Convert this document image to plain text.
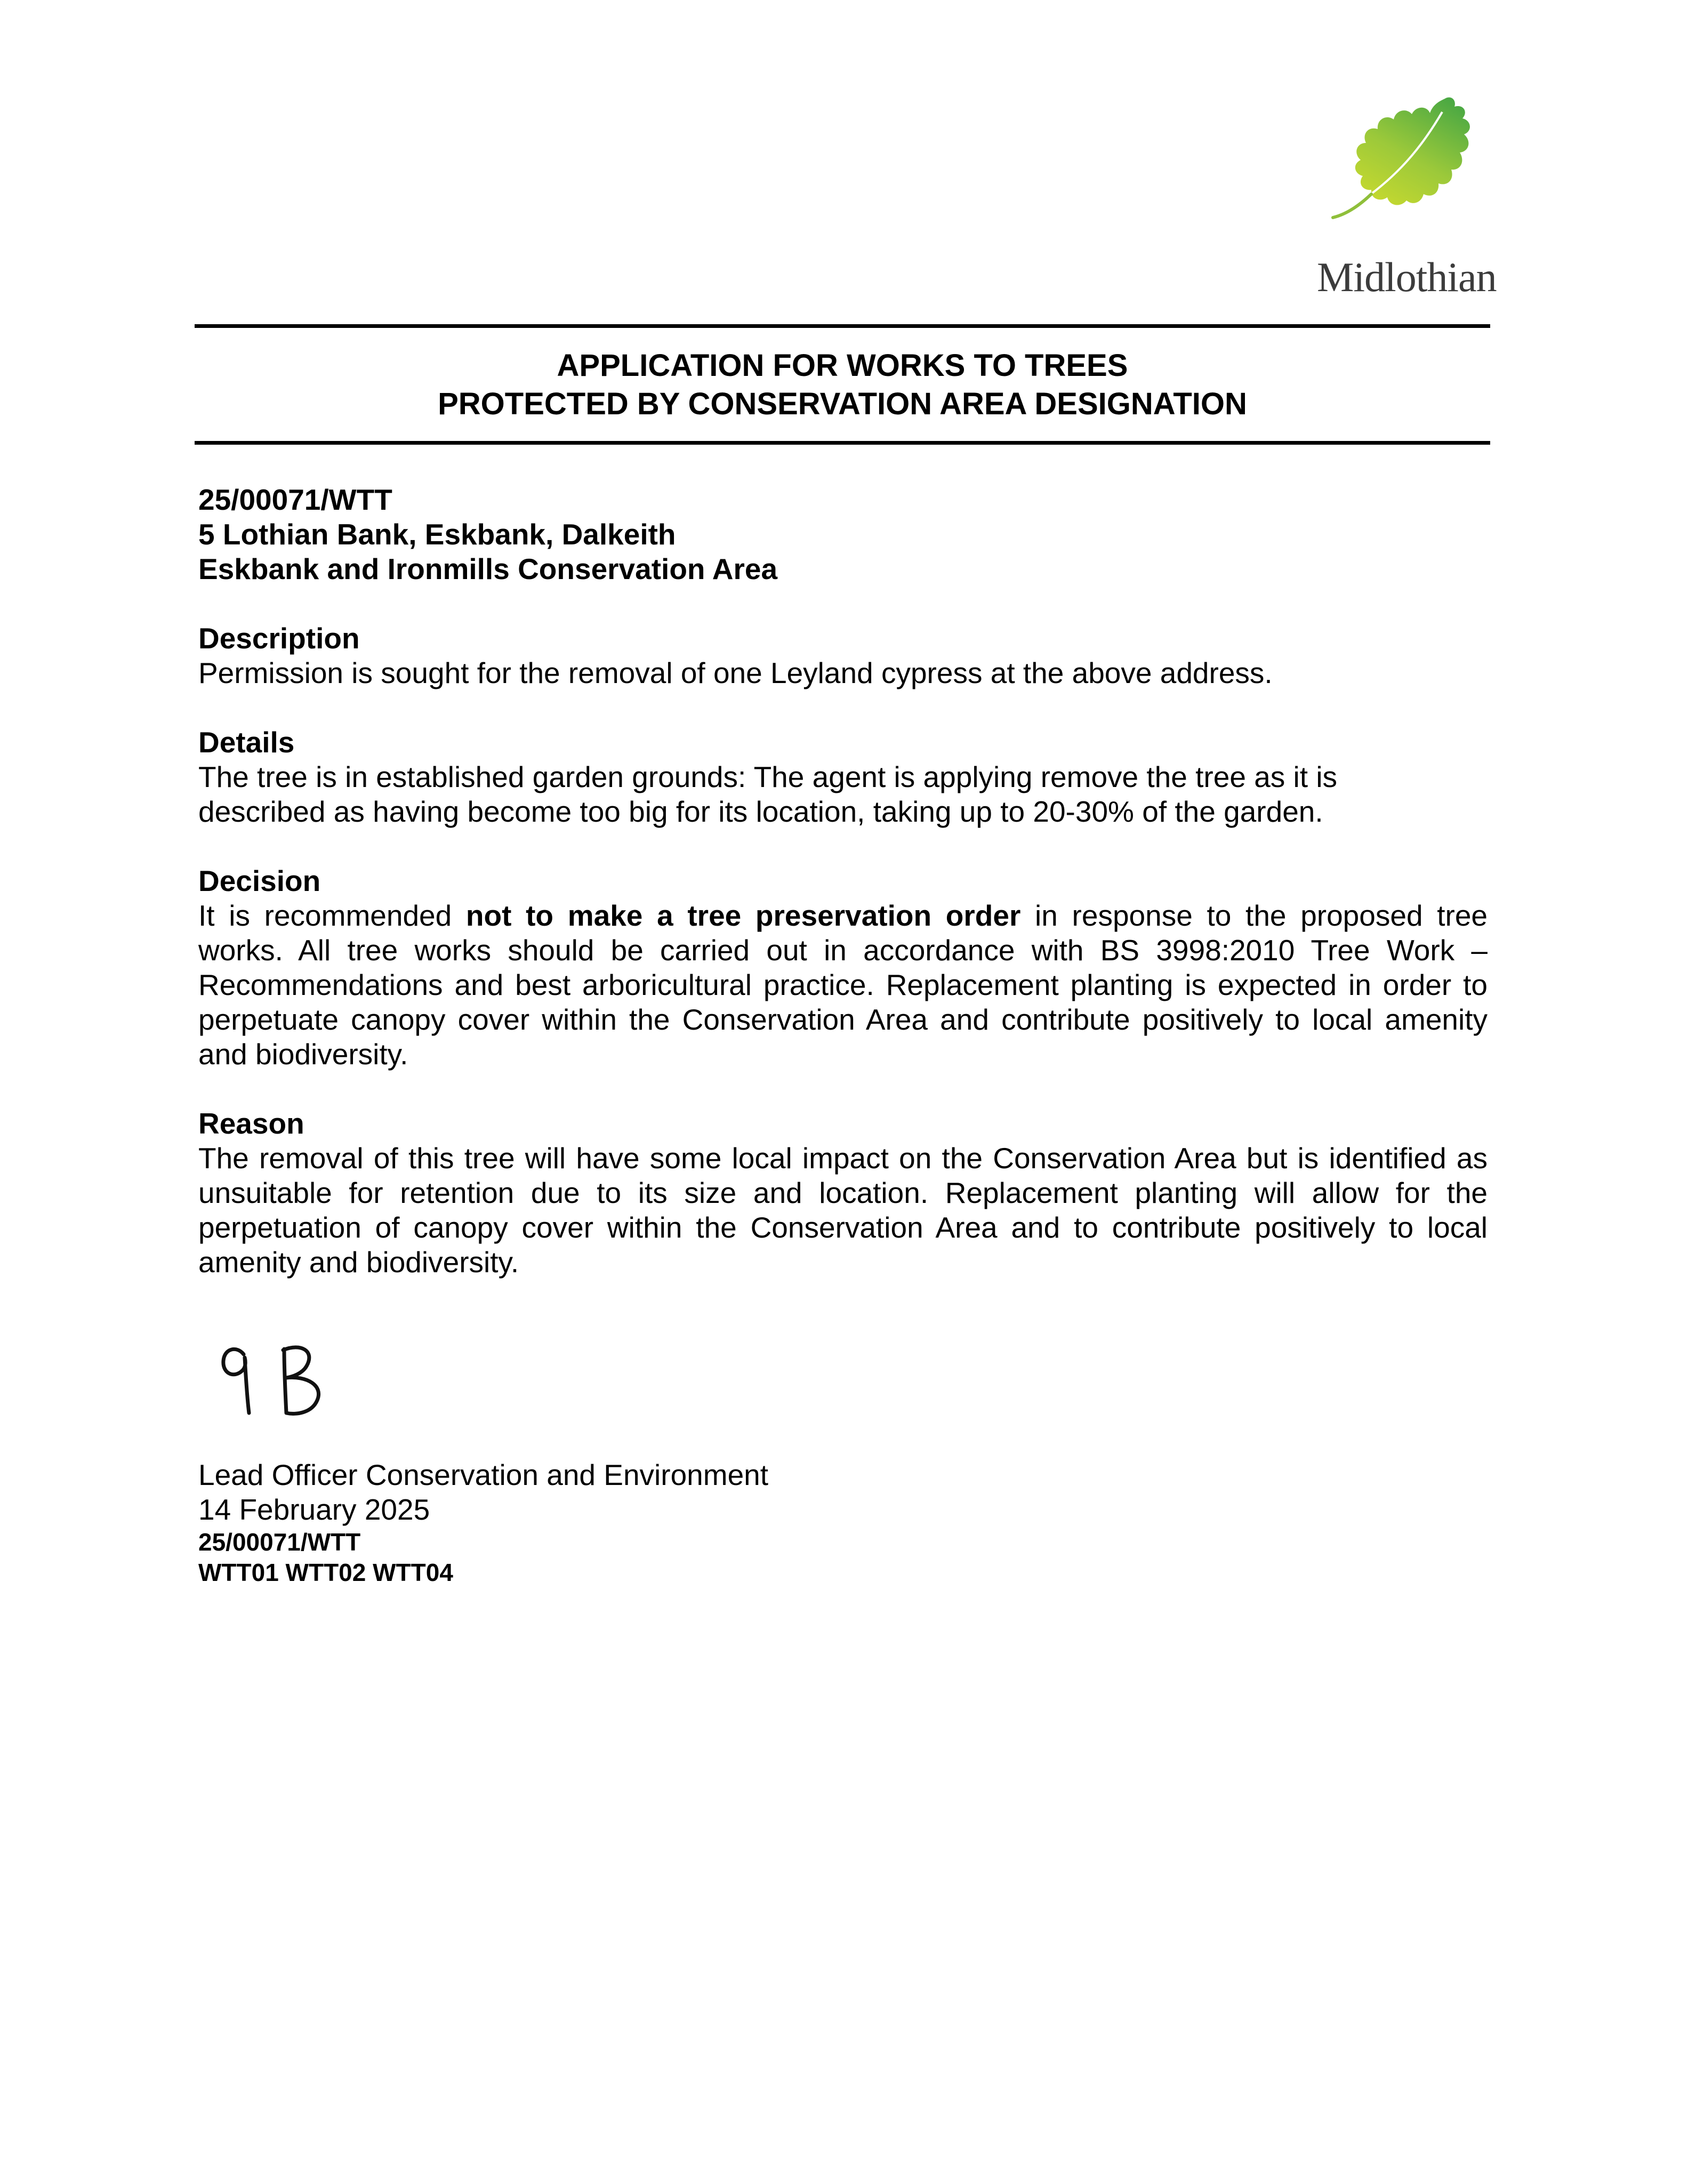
Midlothian
APPLICATION FOR WORKS TO TREES
PROTECTED BY CONSERVATION AREA DESIGNATION
25/00071/WTT
5 Lothian Bank, Eskbank, Dalkeith
Eskbank and Ironmills Conservation Area
Description
Permission is sought for the removal of one Leyland cypress at the above address.
Details
The tree is in established garden grounds: The agent is applying remove the tree as it is described as having become too big for its location, taking up to 20-30% of the garden.
Decision
It is recommended not to make a tree preservation order in response to the proposed tree works. All tree works should be carried out in accordance with BS 3998:2010 Tree Work – Recommendations and best arboricultural practice. Replacement planting is expected in order to perpetuate canopy cover within the Conservation Area and contribute positively to local amenity and biodiversity.
Reason
The removal of this tree will have some local impact on the Conservation Area but is identified as unsuitable for retention due to its size and location. Replacement planting will allow for the perpetuation of canopy cover within the Conservation Area and to contribute positively to local amenity and biodiversity.
Lead Officer Conservation and Environment
14 February 2025
25/00071/WTT
WTT01 WTT02 WTT04
